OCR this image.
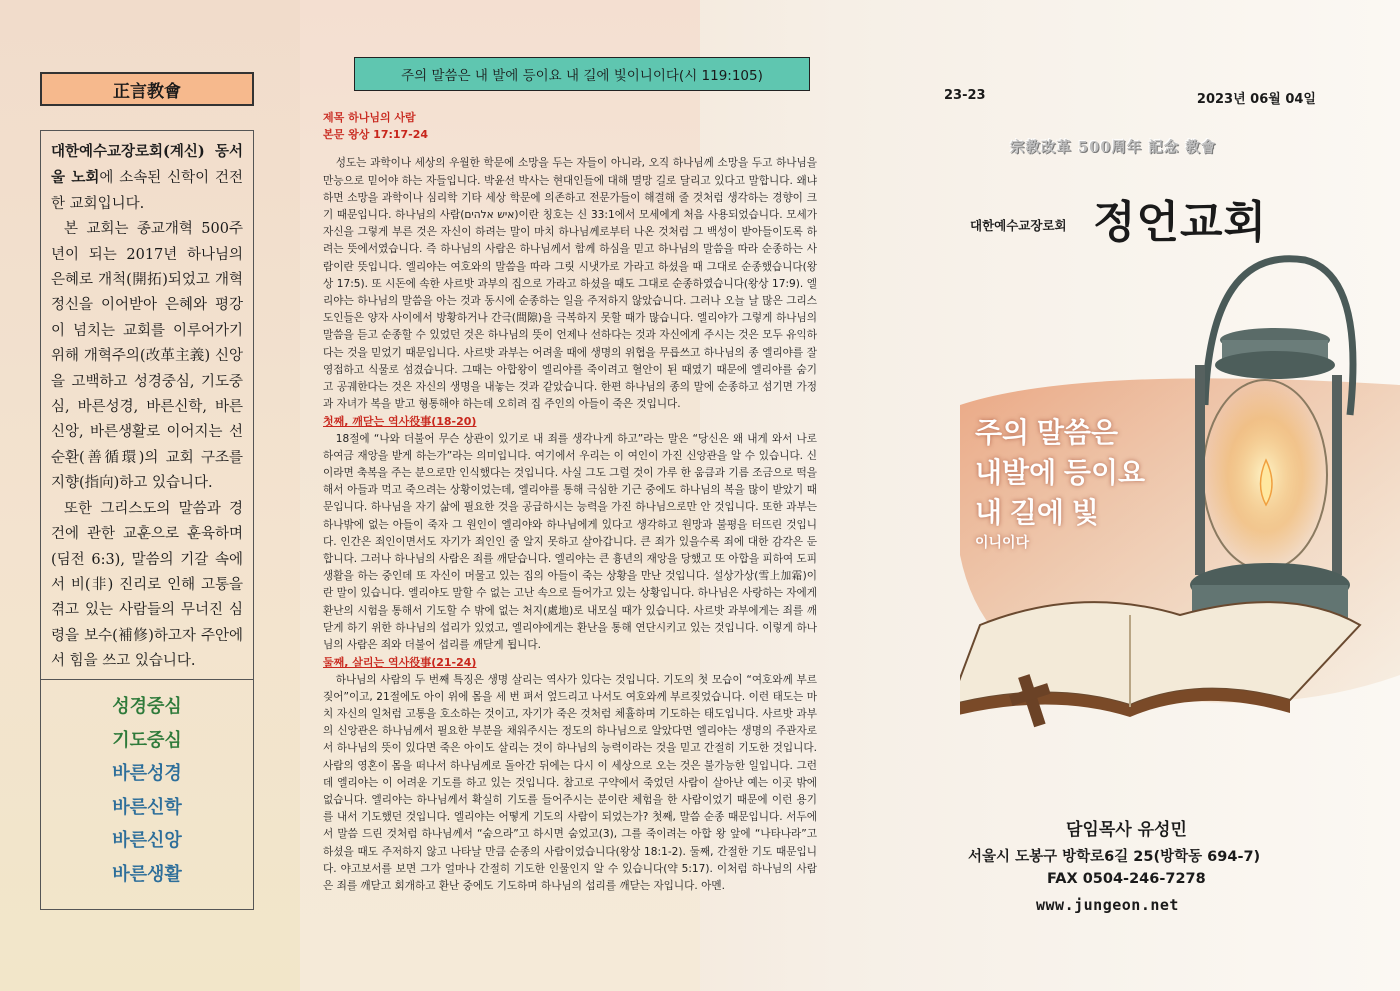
正言教會

대한예수교장로회(계신) 동서울 노회에 소속된 신학이 건전한 교회입니다.

본 교회는 종교개혁 500주년이 되는 2017년 하나님의 은혜로 개척(開拓)되었고 개혁정신을 이어받아 은혜와 평강이 넘치는 교회를 이루어가기 위해 개혁주의(改革主義) 신앙을 고백하고 성경중심, 기도중심, 바른성경, 바른신학, 바른신앙, 바른생활로 이어지는 선순환(善循環)의 교회 구조를 지향(指向)하고 있습니다.

또한 그리스도의 말씀과 경건에 관한 교훈으로 훈육하며(딤전 6:3), 말씀의 기갈 속에서 비(非) 진리로 인해 고통을 겪고 있는 사람들의 무너진 심령을 보수(補修)하고자 주안에서 힘을 쓰고 있습니다.

성경중심
기도중심
바른성경
바른신학
바른신앙
바른생활
주의 말씀은 내 발에 등이요 내 길에 빛이니이다(시 119:105)

제목 하나님의 사람

본문 왕상 17:17-24

성도는 과학이나 세상의 우월한 학문에 소망을 두는 자들이 아니라, 오직 하나님께 소망을 두고 하나님을 만능으로 믿어야 하는 자들입니다. 박윤선 박사는 현대인들에 대해 멸망 길로 달리고 있다고 말합니다. 왜냐하면 소망을 과학이나 심리학 기타 세상 학문에 의존하고 전문가들이 해결해 줄 것처럼 생각하는 경향이 크기 때문입니다. 하나님의 사람(איש אלהים)이란 칭호는 신 33:1에서 모세에게 처음 사용되었습니다. 모세가 자신을 그렇게 부른 것은 자신이 하려는 말이 마치 하나님께로부터 나온 것처럼 그 백성이 받아들이도록 하려는 뜻에서였습니다. 즉 하나님의 사람은 하나님께서 함께 하심을 믿고 하나님의 말씀을 따라 순종하는 사람이란 뜻입니다. 엘리야는 여호와의 말씀을 따라 그릿 시냇가로 가라고 하셨을 때 그대로 순종했습니다(왕상 17:5). 또 시돈에 속한 사르밧 과부의 집으로 가라고 하셨을 때도 그대로 순종하였습니다(왕상 17:9). 엘리야는 하나님의 말씀을 아는 것과 동시에 순종하는 일을 주저하지 않았습니다. 그러나 오늘 날 많은 그리스도인들은 양자 사이에서 방황하거나 간극(間隙)을 극복하지 못할 때가 많습니다. 엘리야가 그렇게 하나님의 말씀을 듣고 순종할 수 있었던 것은 하나님의 뜻이 언제나 선하다는 것과 자신에게 주시는 것은 모두 유익하다는 것을 믿었기 때문입니다. 사르밧 과부는 어려울 때에 생명의 위협을 무릅쓰고 하나님의 종 엘리야를 잘 영접하고 식물로 섬겼습니다. 그때는 아합왕이 엘리야를 죽이려고 혈안이 된 때였기 때문에 엘리야를 숨기고 공궤한다는 것은 자신의 생명을 내놓는 것과 같았습니다. 한편 하나님의 종의 말에 순종하고 섬기면 가정과 자녀가 복을 받고 형통해야 하는데 오히려 집 주인의 아들이 죽은 것입니다.

첫째, 깨닫는 역사役事(18-20)

18절에 “나와 더불어 무슨 상관이 있기로 내 죄를 생각나게 하고”라는 말은 “당신은 왜 내게 와서 나로 하여금 재앙을 받게 하는가”라는 의미입니다. 여기에서 우리는 이 여인이 가진 신앙관을 알 수 있습니다. 신이라면 축복을 주는 분으로만 인식했다는 것입니다. 사실 그도 그럴 것이 가루 한 움큼과 기름 조금으로 떡을 해서 아들과 먹고 죽으려는 상황이었는데, 엘리야를 통해 극심한 기근 중에도 하나님의 복을 많이 받았기 때문입니다. 하나님을 자기 삶에 필요한 것을 공급하시는 능력을 가진 하나님으로만 안 것입니다. 또한 과부는 하나밖에 없는 아들이 죽자 그 원인이 엘리야와 하나님에게 있다고 생각하고 원망과 불평을 터뜨린 것입니다. 인간은 죄인이면서도 자기가 죄인인 줄 알지 못하고 살아갑니다. 큰 죄가 있을수록 죄에 대한 감각은 둔합니다. 그러나 하나님의 사람은 죄를 깨닫습니다. 엘리야는 큰 흉년의 재앙을 당했고 또 아합을 피하여 도피생활을 하는 중인데 또 자신이 머물고 있는 집의 아들이 죽는 상황을 만난 것입니다. 설상가상(雪上加霜)이란 말이 있습니다. 엘리야도 말할 수 없는 고난 속으로 들어가고 있는 상황입니다. 하나님은 사랑하는 자에게 환난의 시험을 통해서 기도할 수 밖에 없는 처지(處地)로 내모실 때가 있습니다. 사르밧 과부에게는 죄를 깨닫게 하기 위한 하나님의 섭리가 있었고, 엘리야에게는 환난을 통해 연단시키고 있는 것입니다. 이렇게 하나님의 사람은 죄와 더불어 섭리를 깨닫게 됩니다.

둘째, 살리는 역사役事(21-24)

하나님의 사람의 두 번째 특징은 생명 살리는 역사가 있다는 것입니다. 기도의 첫 모습이 “여호와께 부르짖어”이고, 21절에도 아이 위에 몸을 세 번 펴서 엎드리고 나서도 여호와께 부르짖었습니다. 이런 태도는 마치 자신의 일처럼 고통을 호소하는 것이고, 자기가 죽은 것처럼 체휼하며 기도하는 태도입니다. 사르밧 과부의 신앙관은 하나님께서 필요한 부분을 채워주시는 정도의 하나님으로 알았다면 엘리야는 생명의 주관자로서 하나님의 뜻이 있다면 죽은 아이도 살리는 것이 하나님의 능력이라는 것을 믿고 간절히 기도한 것입니다. 사람의 영혼이 몸을 떠나서 하나님께로 돌아간 뒤에는 다시 이 세상으로 오는 것은 불가능한 일입니다. 그런데 엘리야는 이 어려운 기도를 하고 있는 것입니다. 참고로 구약에서 죽었던 사람이 살아난 예는 이곳 밖에 없습니다. 엘리야는 하나님께서 확실히 기도를 들어주시는 분이란 체험을 한 사람이었기 때문에 이런 용기를 내서 기도했던 것입니다. 엘리야는 어떻게 기도의 사람이 되었는가? 첫째, 말씀 순종 때문입니다. 서두에서 말씀 드린 것처럼 하나님께서 “숨으라”고 하시면 숨었고(3), 그를 죽이려는 아합 왕 앞에 “나타나라”고 하셨을 때도 주저하지 않고 나타날 만큼 순종의 사람이었습니다(왕상 18:1-2). 둘째, 간절한 기도 때문입니다. 야고보서를 보면 그가 얼마나 간절히 기도한 인물인지 알 수 있습니다(약 5:17). 이처럼 하나님의 사람은 죄를 깨닫고 회개하고 환난 중에도 기도하며 하나님의 섭리를 깨닫는 자입니다. 아멘.

23-23	2023년 06월 04일
宗教改革 500周年 記念 教會
대한예수교장로회 정언교회
주의 말씀은
내발에 등이요
내 길에 빛
이니이다
담임목사 유성민
서울시 도봉구 방학로6길 25(방학동 694-7)
FAX 0504-246-7278
www.jungeon.net
